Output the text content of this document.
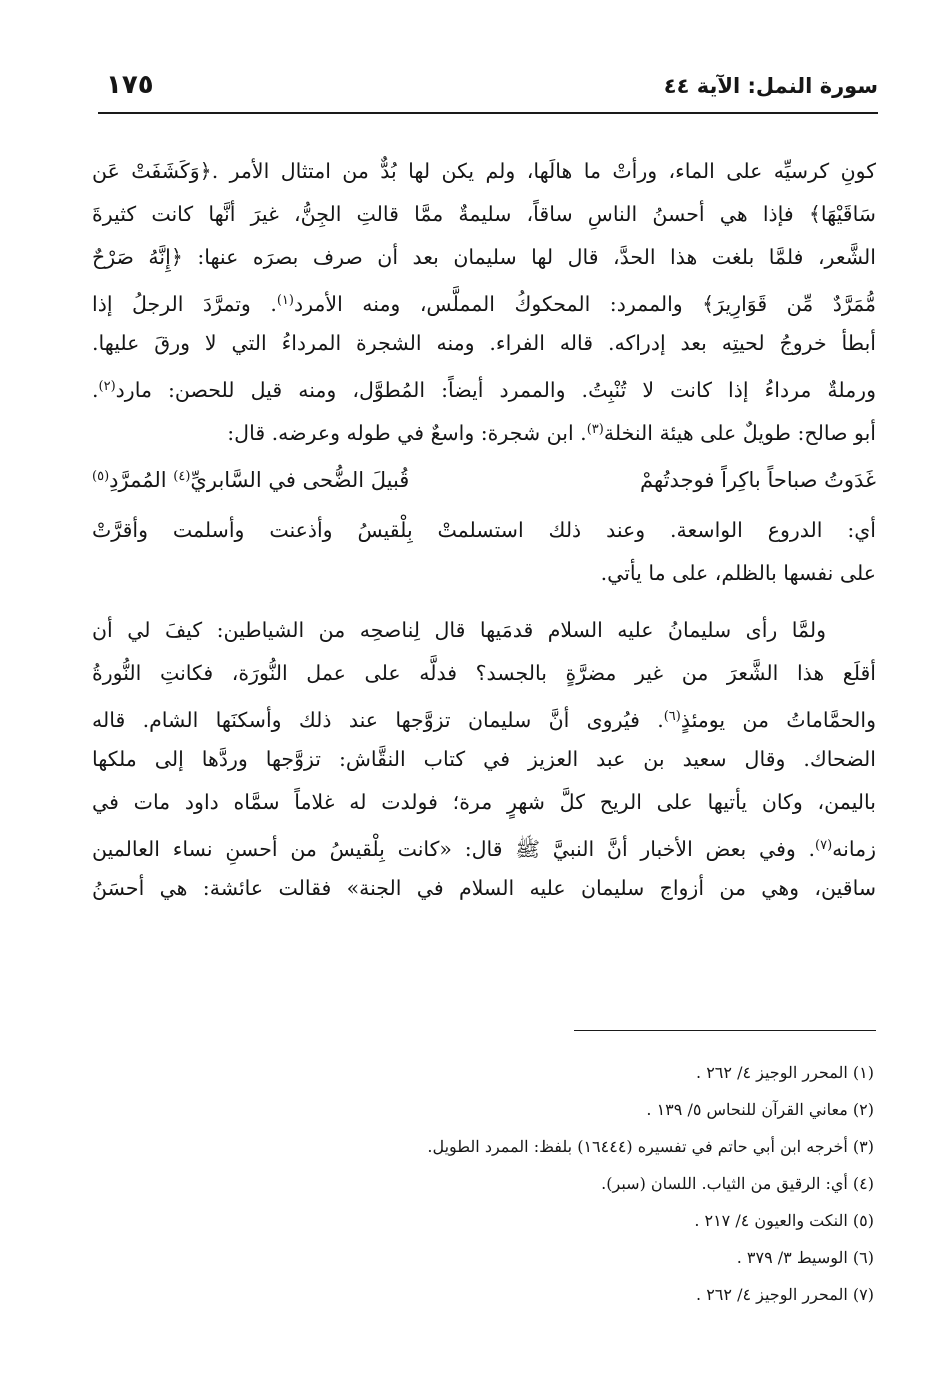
سورة النمل: الآية ٤٤
١٧٥
كونِ كرسيِّه على الماء، ورأتْ ما هالَها، ولم يكن لها بُدٌّ من امتثال الأمر .﴿وَكَشَفَتْ عَن
سَاقَيْهَا﴾ فإذا هي أحسنُ الناسِ ساقاً، سليمةٌ ممَّا قالتِ الجِنُّ، غيرَ أنَّها كانت كثيرةَ
الشَّعر، فلمَّا بلغت هذا الحدَّ، قال لها سليمان بعد أن صرف بصرَه عنها: ﴿إِنَّهُ صَرْحٌ
مُّمَرَّدٌ مِّن قَوَارِيرَ﴾ والممرد: المحكوكُ المملَّس، ومنه الأمرد$^{(١)}$. وتمرَّدَ الرجلُ إذا
أبطأ خروجُ لحيتِه بعد إدراكه. قاله الفراء. ومنه الشجرة المرداءُ التي لا ورقَ عليها.
ورملةٌ مرداءُ إذا كانت لا تُنْبِتُ. والممرد أيضاً: المُطوَّل، ومنه قيل للحصن: مارد$^{(٢)}$.
أبو صالح: طويلٌ على هيئة النخلة$^{(٣)}$. ابن شجرة: واسعٌ في طوله وعرضه. قال:
غَدَوتُ صباحاً باكِراً فوجدتُهمْ
قُبيلَ الضُّحى في السَّابريِّ$^{(٤)}$ المُمرَّدِ$^{(٥)}$
أي: الدروع الواسعة. وعند ذلك استسلمتْ بِلْقيسُ وأذعنت وأسلمت وأقرَّتْ
على نفسها بالظلم، على ما يأتي.
ولمَّا رأى سليمانُ عليه السلام قدمَيها قال لِناصحِه من الشياطين: كيفَ لي أن
أقلَع هذا الشَّعرَ من غير مضرَّةٍ بالجسد؟ فدلَّه على عمل النُّورَة، فكانتِ النُّورةُ
والحمَّاماتُ من يومئذٍ$^{(٦)}$. فيُروى أنَّ سليمان تزوَّجها عند ذلك وأسكنَها الشام. قاله
الضحاك. وقال سعيد بن عبد العزيز في كتاب النقَّاش: تزوَّجها وردَّها إلى ملكها
باليمن، وكان يأتيها على الريح كلَّ شهرٍ مرة؛ فولدت له غلاماً سمَّاه داود مات في
زمانه$^{(٧)}$. وفي بعض الأخبار أنَّ النبيَّ ﷺ قال: «كانت بِلْقيسُ من أحسنِ نساء العالمين
ساقين، وهي من أزواج سليمان عليه السلام في الجنة» فقالت عائشة: هي أحسَنُ
(١) المحرر الوجيز ٤/ ٢٦٢ .
(٢) معاني القرآن للنحاس ٥/ ١٣٩ .
(٣) أخرجه ابن أبي حاتم في تفسيره (١٦٤٤٤) بلفظ: الممرد الطويل.
(٤) أي: الرقيق من الثياب. اللسان (سبر).
(٥) النكت والعيون ٤/ ٢١٧ .
(٦) الوسيط ٣/ ٣٧٩ .
(٧) المحرر الوجيز ٤/ ٢٦٢ .
